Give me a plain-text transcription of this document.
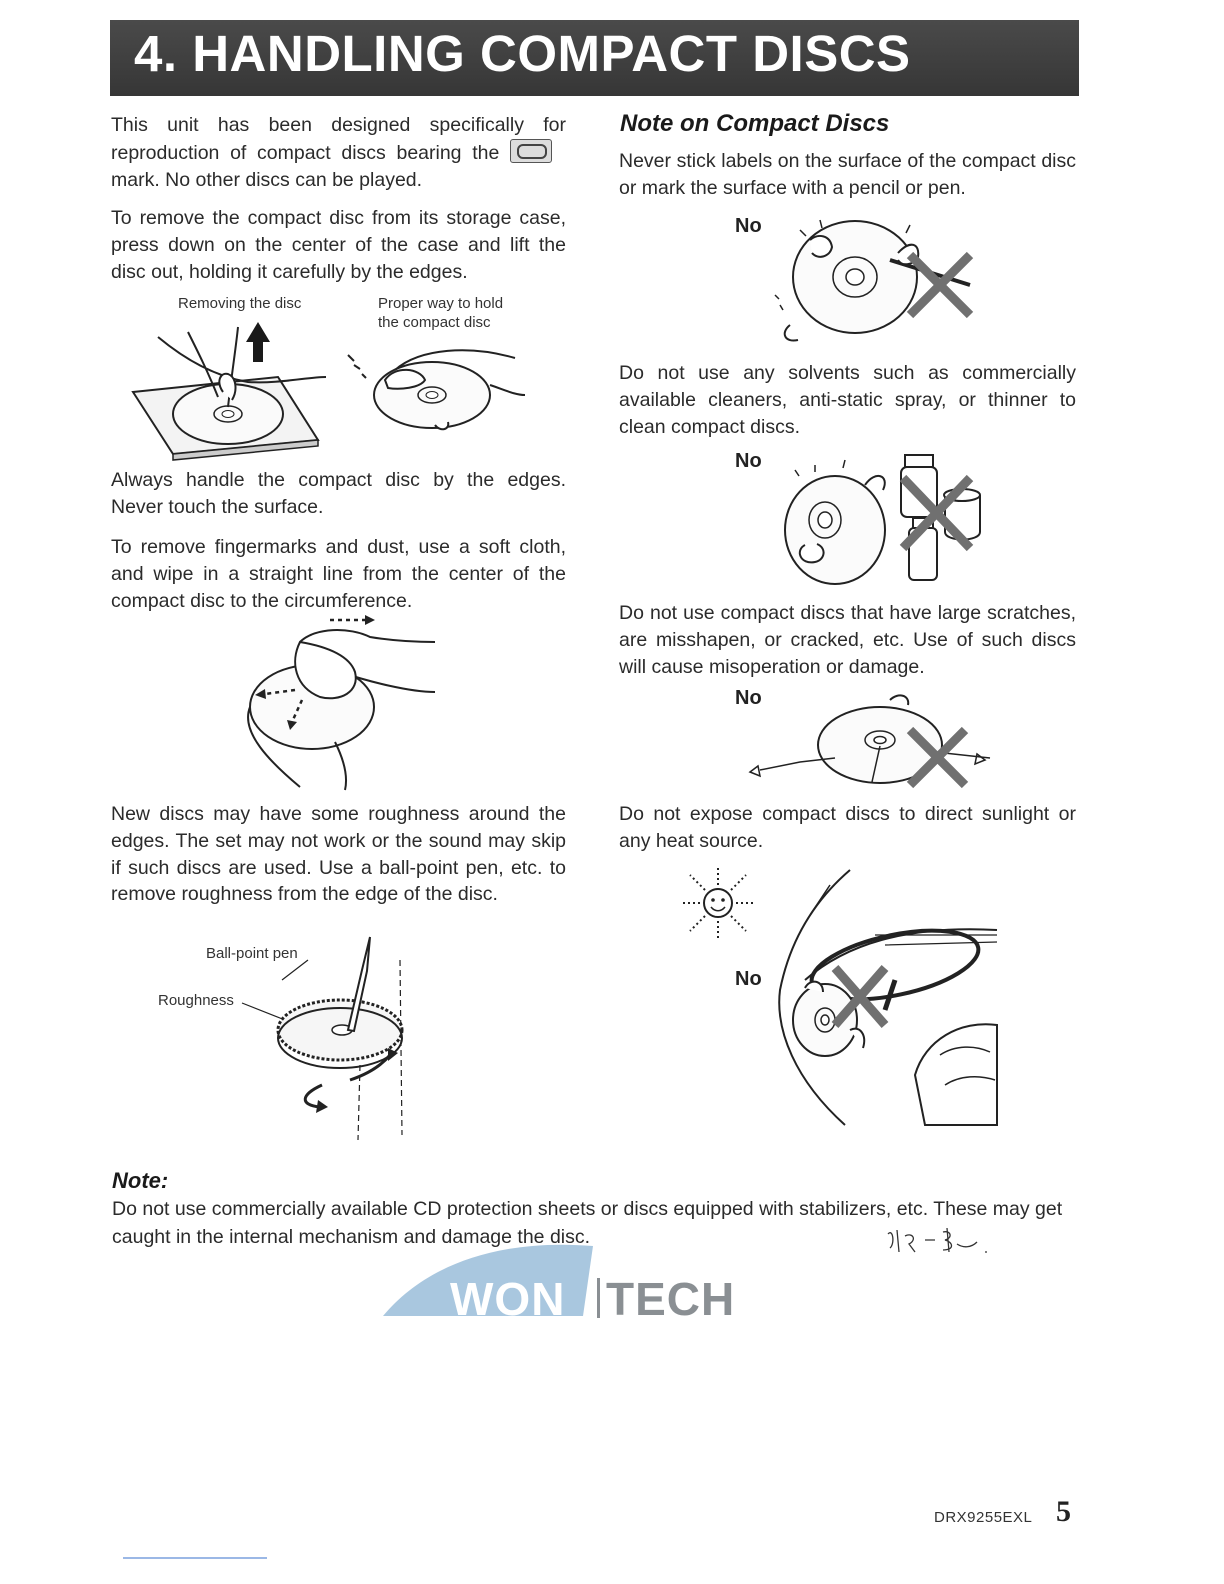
4. HANDLING COMPACT DISCS
This unit has been designed specifically for reproduction of compact discs bearing the mark. No other discs can be played.
To remove the compact disc from its storage case, press down on the center of the case and lift the disc out, holding it carefully by the edges.
Removing the disc	Proper way to hold
the compact disc
Always handle the compact disc by the edges. Never touch the surface.
To remove fingermarks and dust, use a soft cloth, and wipe in a straight line from the center of the compact disc to the circumference.
New discs may have some roughness around the edges. The set may not work or the sound may skip if such discs are used. Use a ball-point pen, etc. to remove roughness from the edge of the disc.
Ball-point pen
Roughness
Note on Compact Discs
Never stick labels on the surface of the compact disc or mark the surface with a pencil or pen.
No
Do not use any solvents such as commercially available cleaners, anti-static spray, or thinner to clean compact discs.
No
Do not use compact discs that have large scratches, are misshapen, or cracked, etc. Use of such discs will cause misoperation or damage.
No
Do not expose compact discs to direct sunlight or any heat source.
No
Note:
Do not use commercially available CD protection sheets or discs equipped with stabilizers, etc. These may get caught in the internal mechanism and damage the disc.
WON TECH
DRX9255EXL 5
